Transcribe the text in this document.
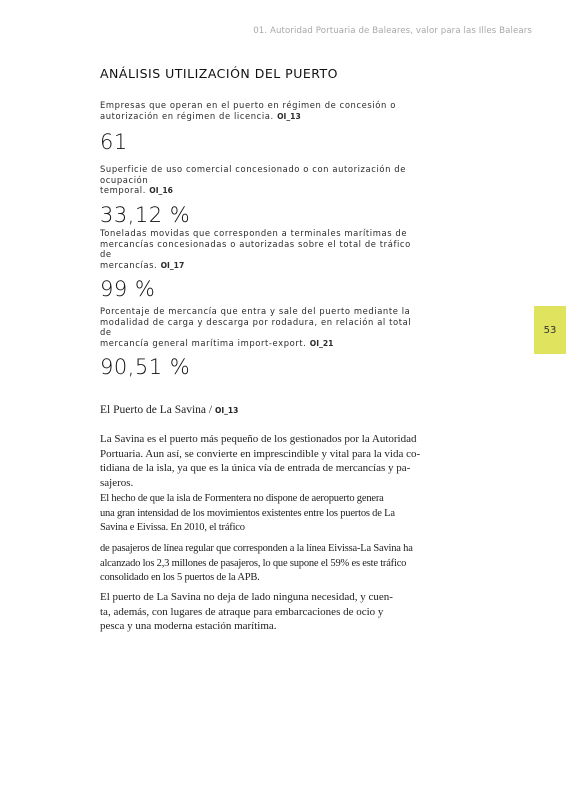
01. Autoridad Portuaria de Baleares, valor para las Illes Balears
ANÁLISIS UTILIZACIÓN DEL PUERTO
Empresas que operan en el puerto en régimen de concesión o
autorización en régimen de licencia. OI_13
61
Superficie de uso comercial concesionado o con autorización de ocupación
temporal. OI_16
33,12 %
Toneladas movidas que corresponden a terminales marítimas de
mercancías concesionadas o autorizadas sobre el total de tráfico de
mercancías. OI_17
99 %
Porcentaje de mercancía que entra y sale del puerto mediante la
modalidad de carga y descarga por rodadura, en relación al total de
mercancía general marítima import-export. OI_21
90,51 %
53
El Puerto de La Savina / OI_13
La Savina es el puerto más pequeño de los gestionados por la Autoridad
Portuaria. Aun así, se convierte en imprescindible y vital para la vida co-
tidiana de la isla, ya que es la única vía de entrada de mercancías y pa-
sajeros.
El hecho de que la isla de Formentera no dispone de aeropuerto genera
una gran intensidad de los movimientos existentes entre los puertos de La
Savina e Eivissa. En 2010, el tráfico
de pasajeros de línea regular que corresponden a la línea Eivissa-La Savina ha
alcanzado los 2,3 millones de pasajeros, lo que supone el 59% es este tráfico
consolidado en los 5 puertos de la APB.
El puerto de La Savina no deja de lado ninguna necesidad, y cuen-
ta, además, con lugares de atraque para embarcaciones de ocio y
pesca y una moderna estación marítima.
